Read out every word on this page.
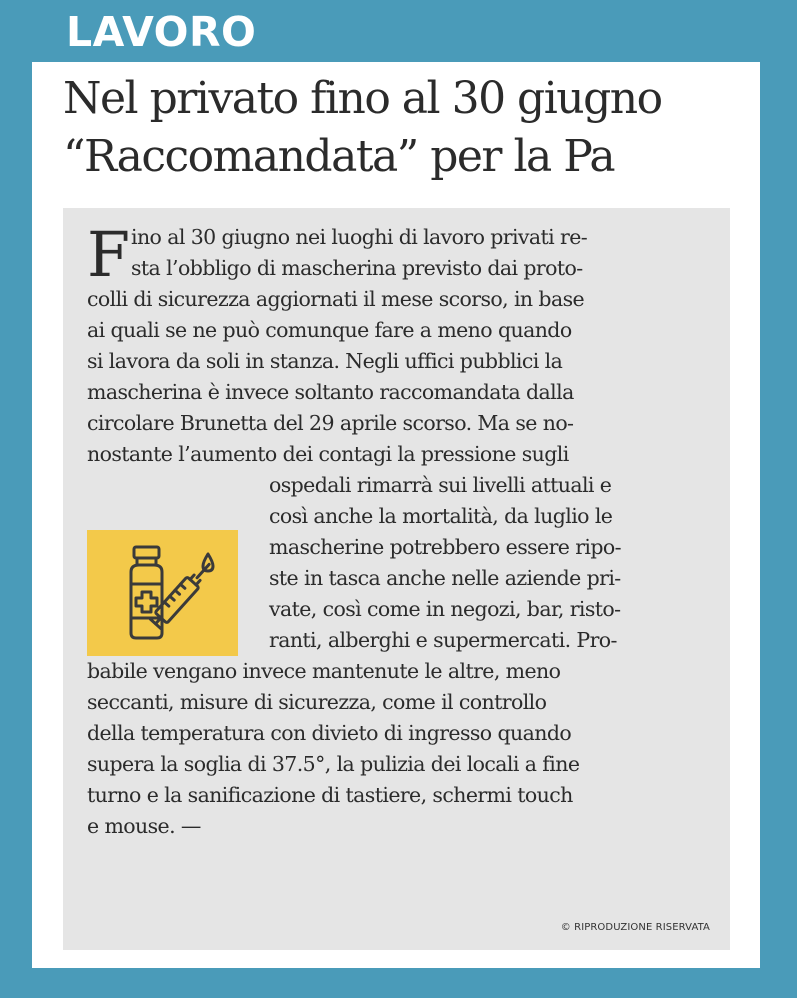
LAVORO
Nel privato fino al 30 giugno
“Raccomandata” per la Pa
F ino al 30 giugno nei luoghi di lavoro privati re-
sta l’obbligo di mascherina previsto dai proto-
colli di sicurezza aggiornati il mese scorso, in base
ai quali se ne può comunque fare a meno quando
si lavora da soli in stanza. Negli uffici pubblici la
mascherina è invece soltanto raccomandata dalla
circolare Brunetta del 29 aprile scorso. Ma se no-
nostante l’aumento dei contagi la pressione sugli
ospedali rimarrà sui livelli attuali e
così anche la mortalità, da luglio le
mascherine potrebbero essere ripo-
ste in tasca anche nelle aziende pri-
vate, così come in negozi, bar, risto-
ranti, alberghi e supermercati. Pro-
babile vengano invece mantenute le altre, meno
seccanti, misure di sicurezza, come il controllo
della temperatura con divieto di ingresso quando
supera la soglia di 37.5°, la pulizia dei locali a fine
turno e la sanificazione di tastiere, schermi touch
e mouse. —
© RIPRODUZIONE RISERVATA
